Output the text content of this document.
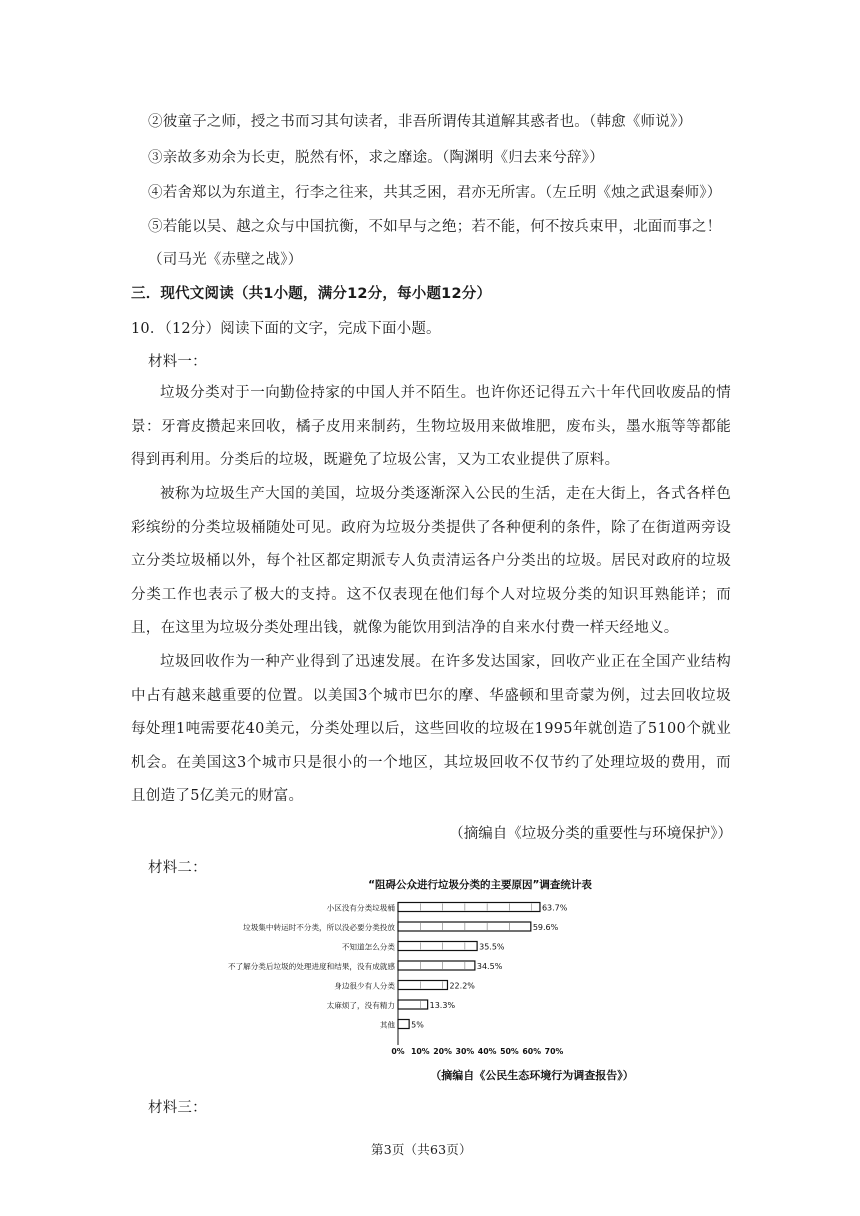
②彼童子之师，授之书而习其句读者，非吾所谓传其道解其惑者也。（韩愈《师说》）
③亲故多劝余为长吏，脱然有怀，求之靡途。（陶渊明《归去来兮辞》）
④若舍郑以为东道主，行李之往来，共其乏困，君亦无所害。（左丘明《烛之武退秦师》）
⑤若能以吴、越之众与中国抗衡，不如早与之绝；若不能，何不按兵束甲，北面而事之！
（司马光《赤壁之战》）
三．现代文阅读（共1小题，满分12分，每小题12分）
10．（12分）阅读下面的文字，完成下面小题。
材料一：
垃圾分类对于一向勤俭持家的中国人并不陌生。也许你还记得五六十年代回收废品的情景：牙膏皮攒起来回收，橘子皮用来制药，生物垃圾用来做堆肥，废布头，墨水瓶等等都能得到再利用。分类后的垃圾，既避免了垃圾公害，又为工农业提供了原料。
被称为垃圾生产大国的美国，垃圾分类逐渐深入公民的生活，走在大街上，各式各样色彩缤纷的分类垃圾桶随处可见。政府为垃圾分类提供了各种便利的条件，除了在街道两旁设立分类垃圾桶以外，每个社区都定期派专人负责清运各户分类出的垃圾。居民对政府的垃圾分类工作也表示了极大的支持。这不仅表现在他们每个人对垃圾分类的知识耳熟能详；而且，在这里为垃圾分类处理出钱，就像为能饮用到洁净的自来水付费一样天经地义。
垃圾回收作为一种产业得到了迅速发展。在许多发达国家，回收产业正在全国产业结构中占有越来越重要的位置。以美国3个城市巴尔的摩、华盛顿和里奇蒙为例，过去回收垃圾每处理1吨需要花40美元，分类处理以后，这些回收的垃圾在1995年就创造了5100个就业机会。在美国这3个城市只是很小的一个地区，其垃圾回收不仅节约了处理垃圾的费用，而且创造了5亿美元的财富。
（摘编自《垃圾分类的重要性与环境保护》）
材料二：
“阻碍公众进行垃圾分类的主要原因”调查统计表
小区没有分类垃圾桶	63.7%
垃圾集中转运时不分类，所以没必要分类投放	59.6%
不知道怎么分类	35.5%
不了解分类后垃圾的处理进度和结果，没有成就感	34.5%
身边很少有人分类	22.2%
太麻烦了，没有精力	13.3%
其他 5%
0% 10% 20% 30% 40% 50% 60% 70%
（摘编自《公民生态环境行为调查报告》）
材料三：
第3页（共63页）
